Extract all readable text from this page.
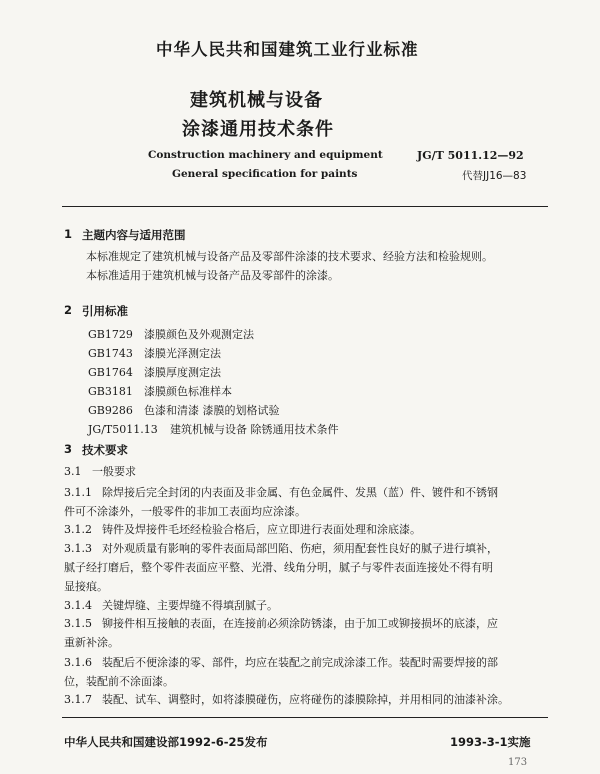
中华人民共和国建筑工业行业标准
建筑机械与设备
涂漆通用技术条件
Construction machinery and equipment
General specification for paints
JG/T 5011.12—92
代替JJ16—83
1 主题内容与适用范围
本标准规定了建筑机械与设备产品及零部件涂漆的技术要求、经验方法和检验规则。
本标准适用于建筑机械与设备产品及零部件的涂漆。
2 引用标准
GB1729 漆膜颜色及外观测定法
GB1743 漆膜光泽测定法
GB1764 漆膜厚度测定法
GB3181 漆膜颜色标准样本
GB9286 色漆和清漆 漆膜的划格试验
JG/T5011.13 建筑机械与设备 除锈通用技术条件
3 技术要求
3.1 一般要求
3.1.1 除焊接后完全封闭的内表面及非金属、有色金属件、发黑（蓝）件、镀件和不锈钢
件可不涂漆外，一般零件的非加工表面均应涂漆。
3.1.2 铸件及焊接件毛坯经检验合格后，应立即进行表面处理和涂底漆。
3.1.3 对外观质量有影响的零件表面局部凹陷、伤疤，须用配套性良好的腻子进行填补，
腻子经打磨后，整个零件表面应平整、光滑、线角分明，腻子与零件表面连接处不得有明
显接痕。
3.1.4 关键焊缝、主要焊缝不得填刮腻子。
3.1.5 铆接件相互接触的表面，在连接前必须涂防锈漆，由于加工或铆接损坏的底漆，应
重新补涂。
3.1.6 装配后不便涂漆的零、部件，均应在装配之前完成涂漆工作。装配时需要焊接的部
位，装配前不涂面漆。
3.1.7 装配、试车、调整时，如将漆膜碰伤，应将碰伤的漆膜除掉，并用相同的油漆补涂。
中华人民共和国建设部1992-6-25发布	1993-3-1实施
173
